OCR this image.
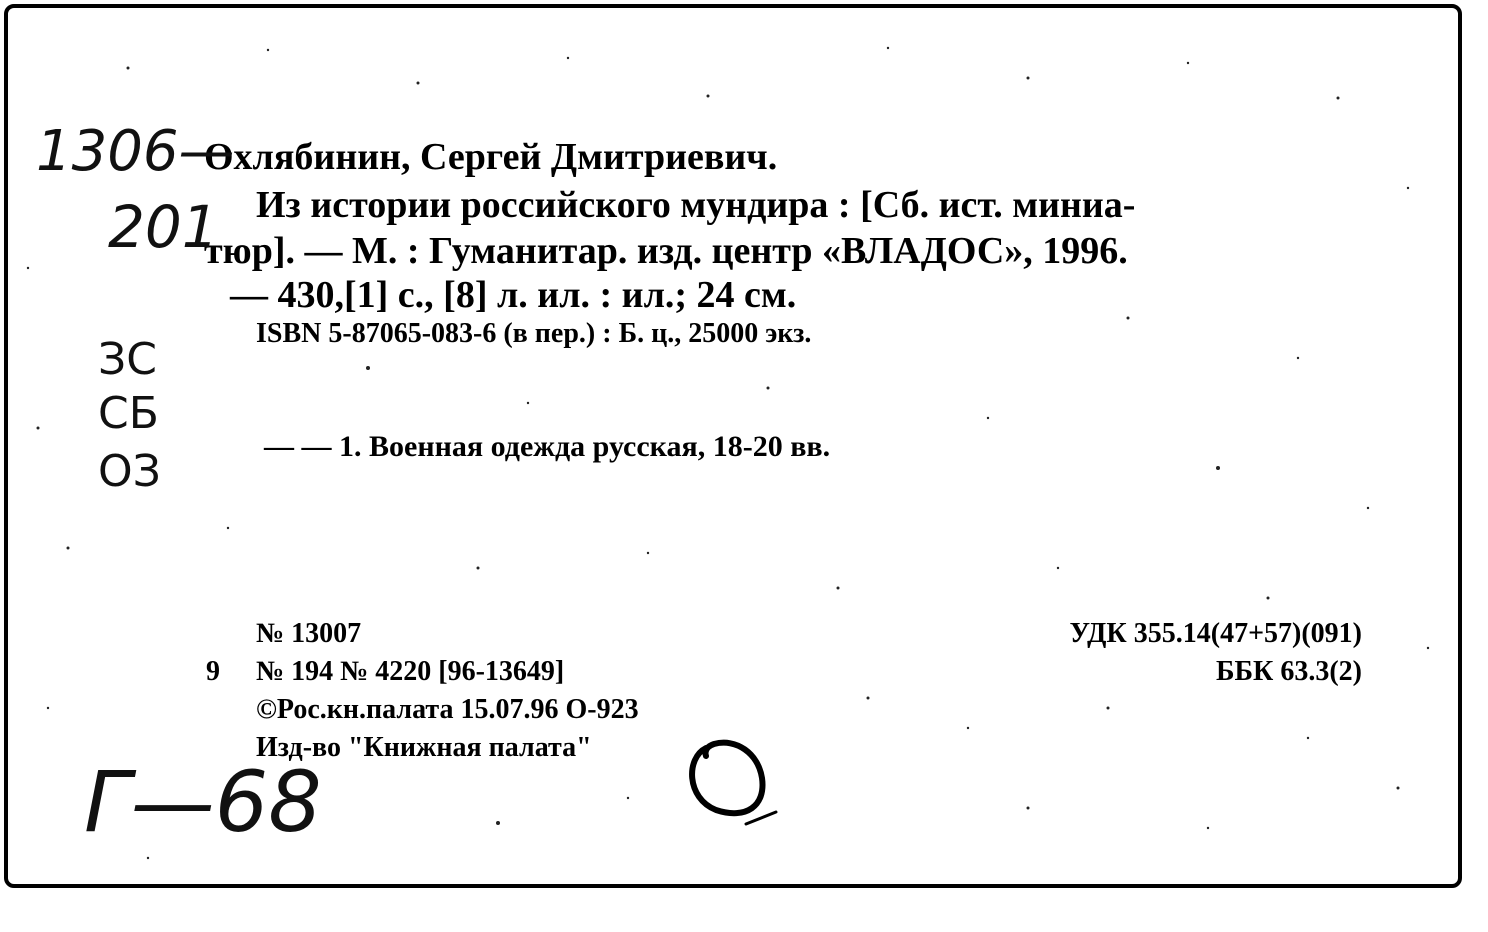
Охлябинин, Сергей Дмитриевич.
Из истории российского мундира : [Сб. ист. миниа-
тюр]. — М. : Гуманитар. изд. центр «ВЛАДОС», 1996.
— 430,[1] с., [8] л. ил. : ил.; 24 см.
ISBN 5-87065-083-6 (в пер.) : Б. ц., 25000 экз.
— — 1. Военная одежда русская, 18-20 вв.
№ 13007
9 № 194 № 4220 [96-13649]
©Рос.кн.палата 15.07.96 О-923
Изд-во "Книжная палата"
УДК 355.14(47+57)(091)
ББК 63.3(2)
1306—
201
ЗС
СБ
ОЗ
Г—68
